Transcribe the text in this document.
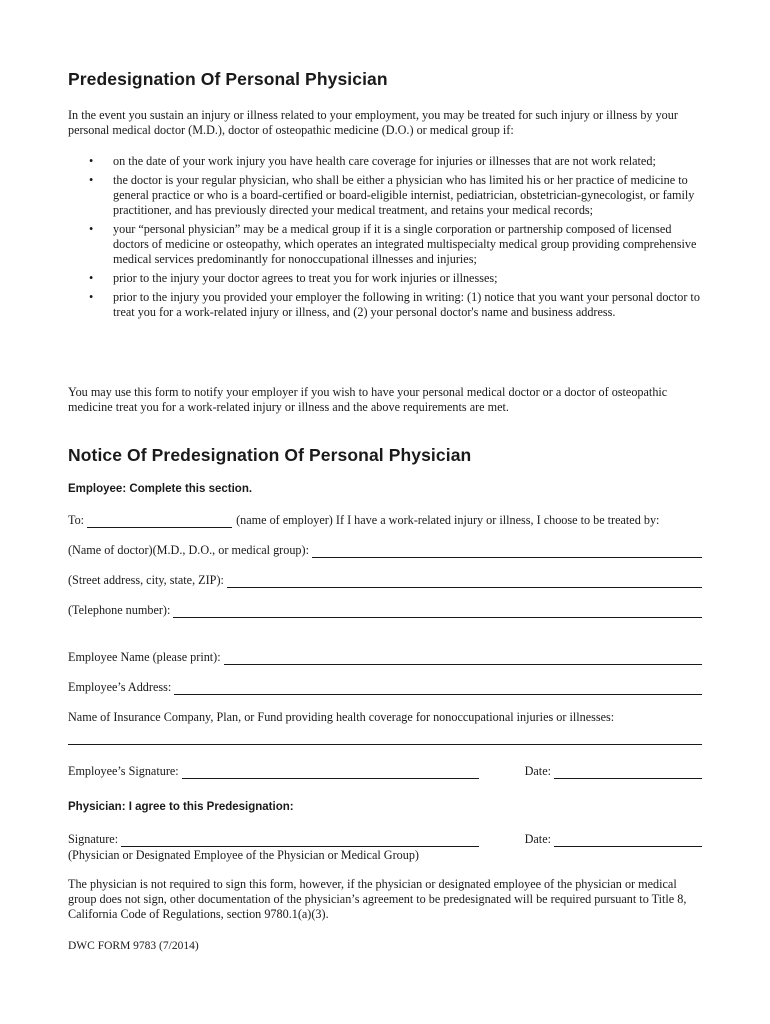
Predesignation Of Personal Physician

In the event you sustain an injury or illness related to your employment, you may be treated for such injury or illness by your personal medical doctor (M.D.), doctor of osteopathic medicine (D.O.) or medical group if:

• on the date of your work injury you have health care coverage for injuries or illnesses that are not work related;
• the doctor is your regular physician, who shall be either a physician who has limited his or her practice of medicine to general practice or who is a board-certified or board-eligible internist, pediatrician, obstetrician-gynecologist, or family practitioner, and has previously directed your medical treatment, and retains your medical records;
• your “personal physician” may be a medical group if it is a single corporation or partnership composed of licensed doctors of medicine or osteopathy, which operates an integrated multispecialty medical group providing comprehensive medical services predominantly for nonoccupational illnesses and injuries;
• prior to the injury your doctor agrees to treat you for work injuries or illnesses;
• prior to the injury you provided your employer the following in writing: (1) notice that you want your personal doctor to treat you for a work-related injury or illness, and (2) your personal doctor's name and business address.

You may use this form to notify your employer if you wish to have your personal medical doctor or a doctor of osteopathic medicine treat you for a work-related injury or illness and the above requirements are met.

Notice Of Predesignation Of Personal Physician

Employee: Complete this section.

To:	(name of employer) If I have a work-related injury or illness, I choose to be treated by:
(Name of doctor)(M.D., D.O., or medical group):
(Street address, city, state, ZIP):
(Telephone number):
Employee Name (please print):
Employee’s Address:
Name of Insurance Company, Plan, or Fund providing health coverage for nonoccupational injuries or illnesses:
Employee’s Signature:	Date:

Physician: I agree to this Predesignation:

Signature:	Date:
(Physician or Designated Employee of the Physician or Medical Group)

The physician is not required to sign this form, however, if the physician or designated employee of the physician or medical group does not sign, other documentation of the physician’s agreement to be predesignated will be required pursuant to Title 8, California Code of Regulations, section 9780.1(a)(3).

DWC FORM 9783 (7/2014)
